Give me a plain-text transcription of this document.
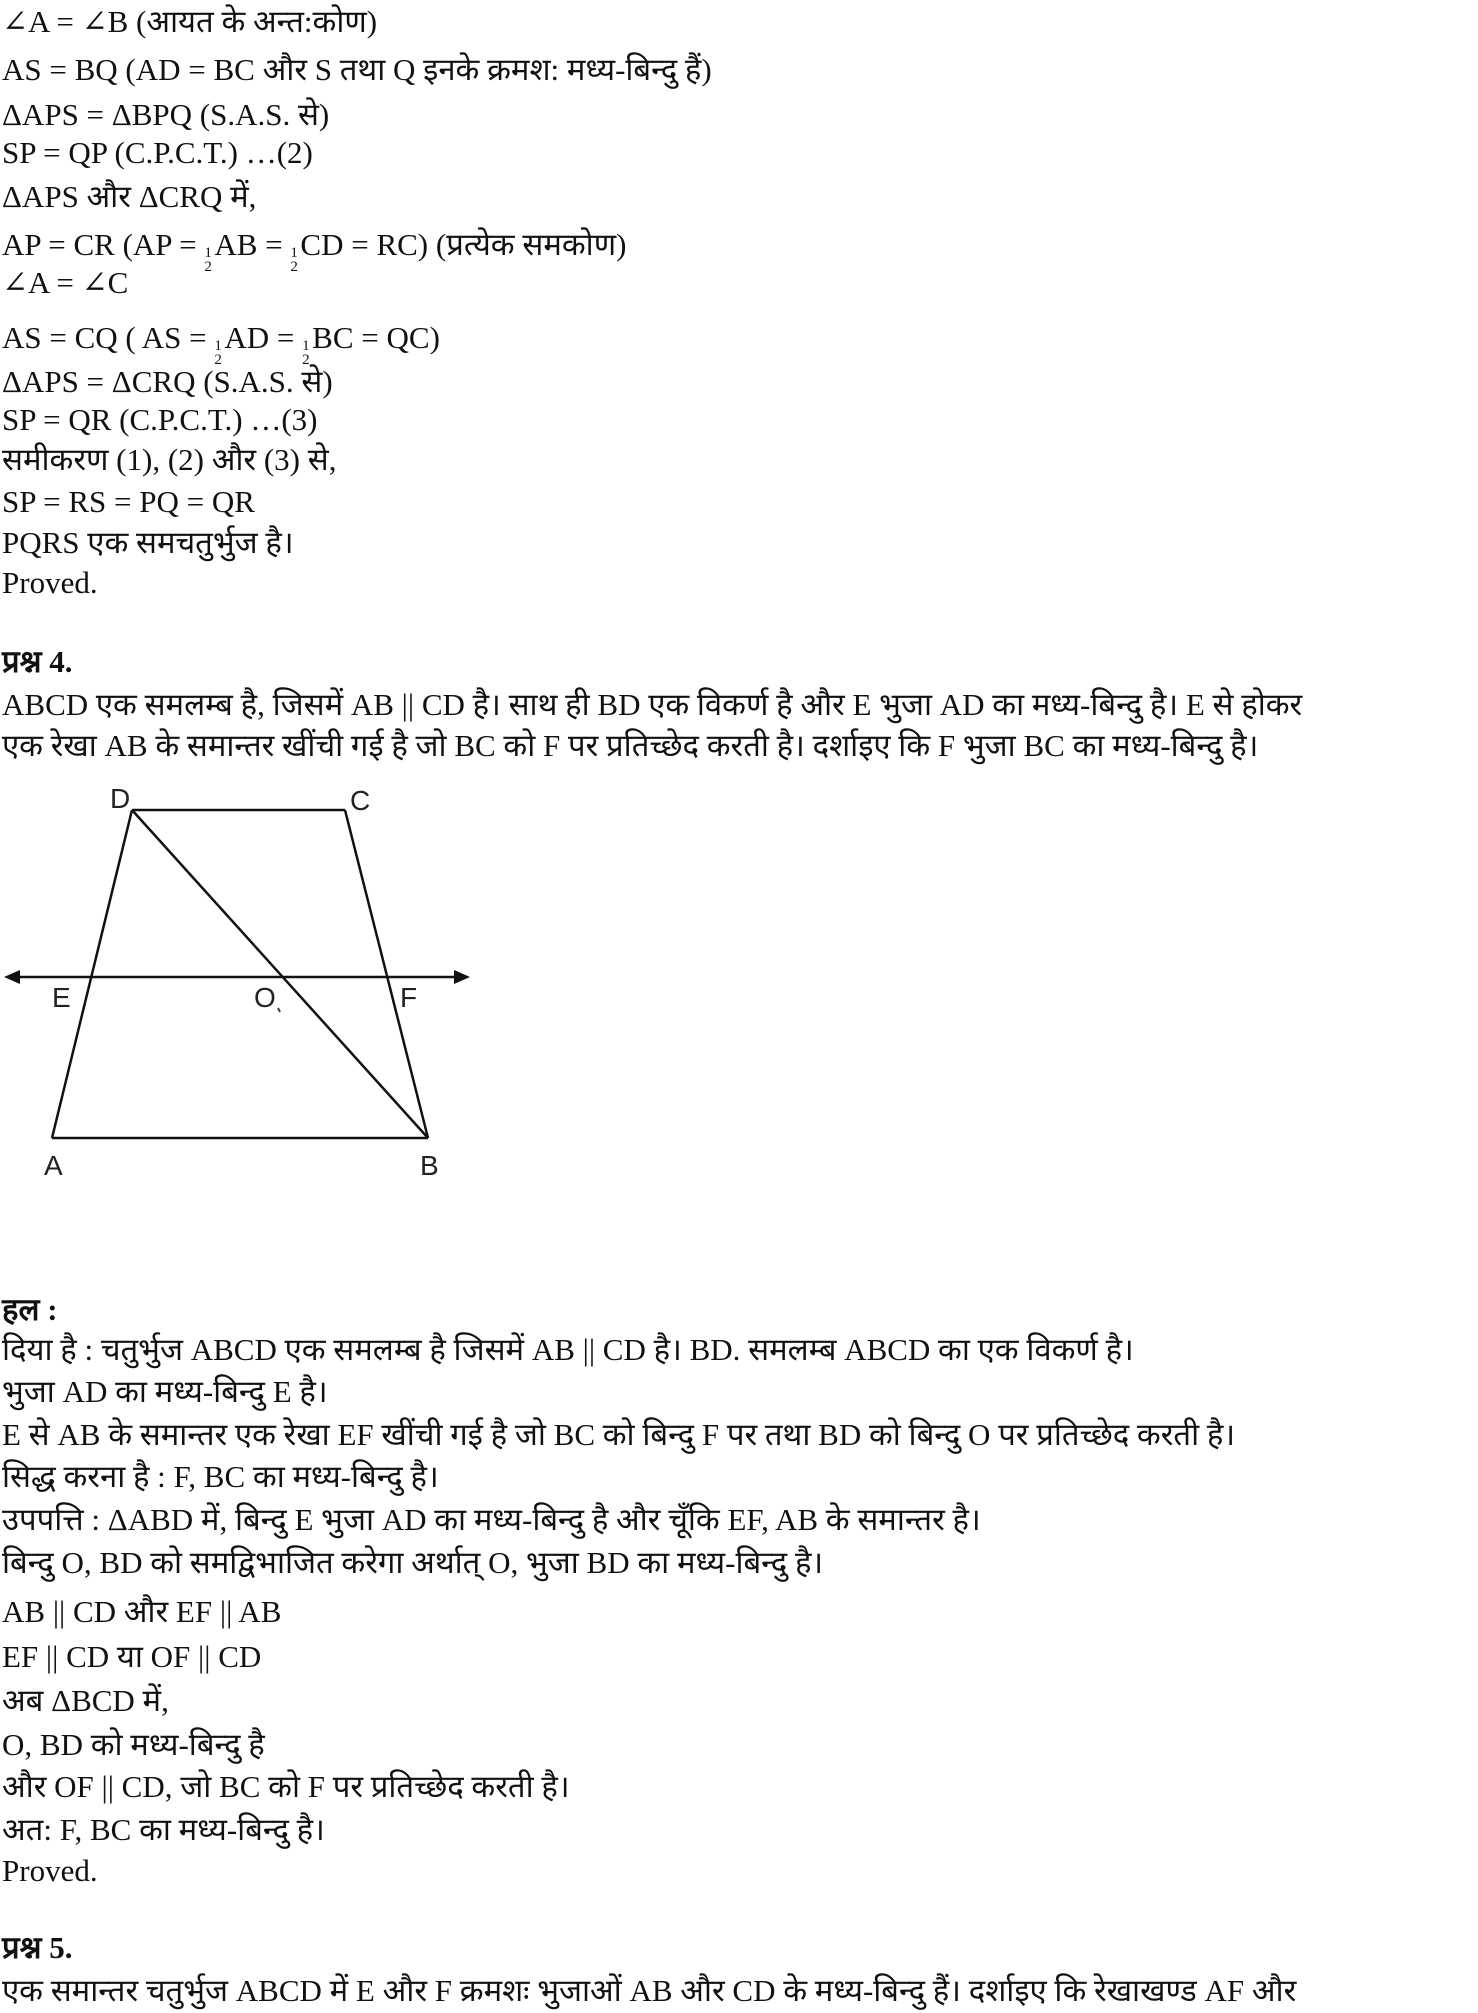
∠A = ∠B (आयत के अन्त:कोण)
AS = BQ (AD = BC और S तथा Q इनके क्रमश: मध्य-बिन्दु हैं)
ΔAPS = ΔBPQ (S.A.S. से)
SP = QP (C.P.C.T.) …(2)
ΔAPS और ΔCRQ में,
AP = CR (AP = 1
2
AB = 1
2
CD = RC) (प्रत्येक समकोण)
∠A = ∠C
AS = CQ ( AS = 1
2
AD = 1
2
BC = QC)
ΔAPS = ΔCRQ (S.A.S. से)
SP = QR (C.P.C.T.) …(3)
समीकरण (1), (2) और (3) से,
SP = RS = PQ = QR
PQRS एक समचतुर्भुज है।
Proved.
प्रश्न 4.
ABCD एक समलम्ब है, जिसमें AB || CD है। साथ ही BD एक विकर्ण है और E भुजा AD का मध्य-बिन्दु है। E से होकर
एक रेखा AB के समान्तर खींची गई है जो BC को F पर प्रतिच्छेद करती है। दर्शाइए कि F भुजा BC का मध्य-बिन्दु है।
D	C
E	O	F
A	B
हल :
दिया है : चतुर्भुज ABCD एक समलम्ब है जिसमें AB || CD है। BD. समलम्ब ABCD का एक विकर्ण है।
भुजा AD का मध्य-बिन्दु E है।
E से AB के समान्तर एक रेखा EF खींची गई है जो BC को बिन्दु F पर तथा BD को बिन्दु O पर प्रतिच्छेद करती है।
सिद्ध करना है : F, BC का मध्य-बिन्दु है।
उपपत्ति : ΔABD में, बिन्दु E भुजा AD का मध्य-बिन्दु है और चूँकि EF, AB के समान्तर है।
बिन्दु O, BD को समद्विभाजित करेगा अर्थात् O, भुजा BD का मध्य-बिन्दु है।
AB || CD और EF || AB
EF || CD या OF || CD
अब ΔBCD में,
O, BD को मध्य-बिन्दु है
और OF || CD, जो BC को F पर प्रतिच्छेद करती है।
अत: F, BC का मध्य-बिन्दु है।
Proved.
प्रश्न 5.
एक समान्तर चतुर्भुज ABCD में E और F क्रमशः भुजाओं AB और CD के मध्य-बिन्दु हैं। दर्शाइए कि रेखाखण्ड AF और
